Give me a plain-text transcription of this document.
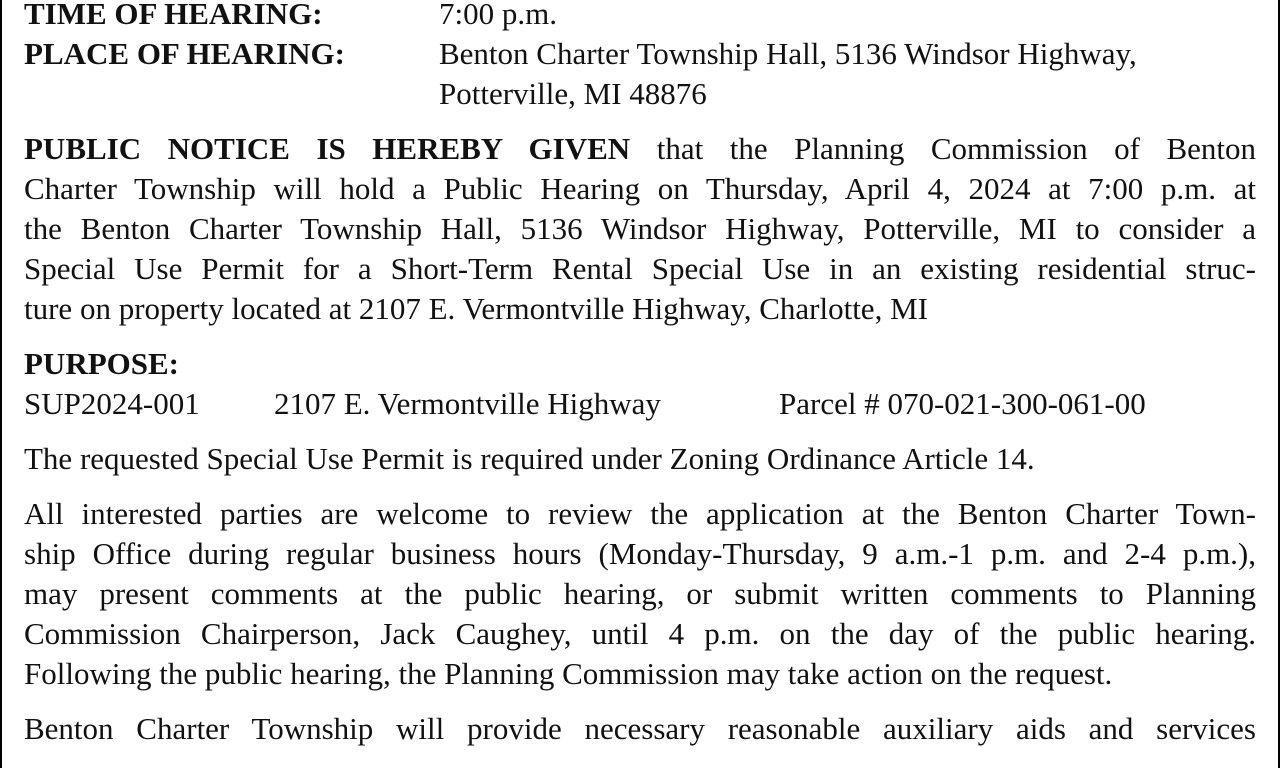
TIME OF HEARING:	7:00 p.m.
PLACE OF HEARING:	Benton Charter Township Hall, 5136 Windsor Highway,
Potterville, MI 48876
PUBLIC NOTICE IS HEREBY GIVEN that the Planning Commission of Benton
Charter Township will hold a Public Hearing on Thursday, April 4, 2024 at 7:00 p.m. at
the Benton Charter Township Hall, 5136 Windsor Highway, Potterville, MI to consider a
Special Use Permit for a Short-Term Rental Special Use in an existing residential struc-
ture on property located at 2107 E. Vermontville Highway, Charlotte, MI
PURPOSE:
SUP2024-001 2107 E. Vermontville Highway	Parcel # 070-021-300-061-00
The requested Special Use Permit is required under Zoning Ordinance Article 14.
All interested parties are welcome to review the application at the Benton Charter Town-
ship Office during regular business hours (Monday-Thursday, 9 a.m.-1 p.m. and 2-4 p.m.),
may present comments at the public hearing, or submit written comments to Planning
Commission Chairperson, Jack Caughey, until 4 p.m. on the day of the public hearing.
Following the public hearing, the Planning Commission may take action on the request.
Benton Charter Township will provide necessary reasonable auxiliary aids and services
